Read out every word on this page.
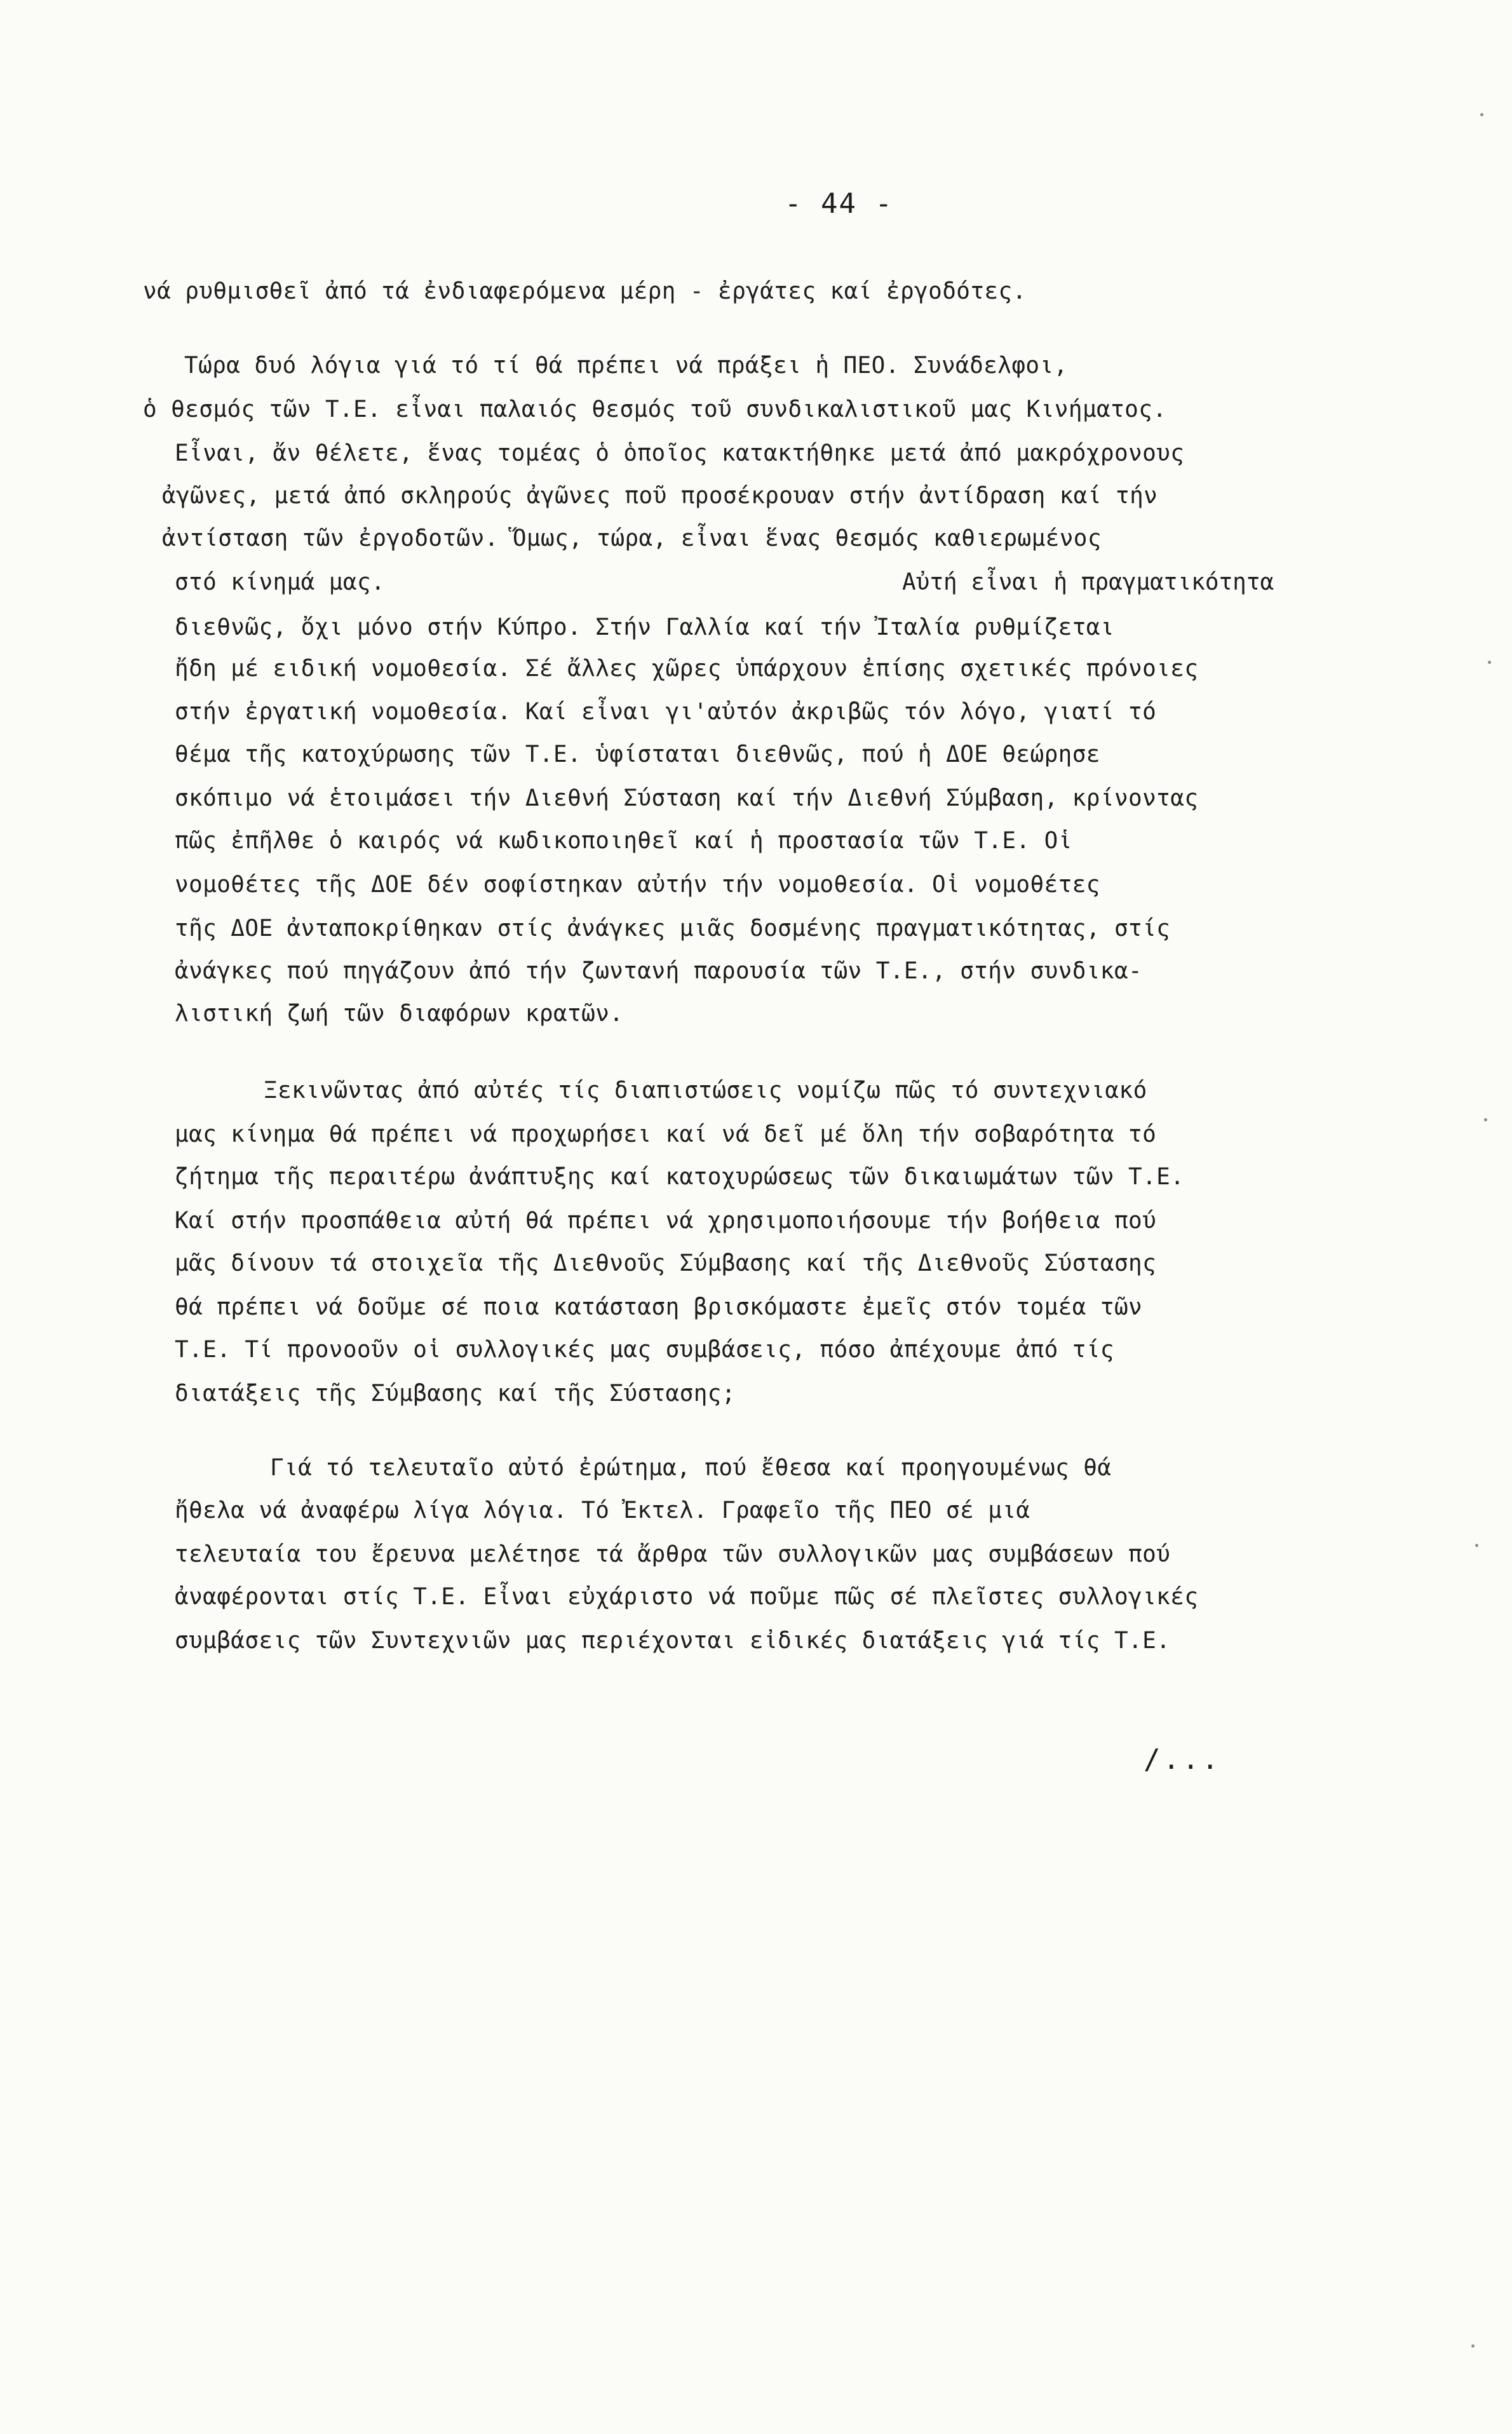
- 44 -
νά ρυθμισθεῖ ἀπό τά ἐνδιαφερόμενα μέρη - ἐργάτες καί ἐργοδότες.
Τώρα δυό λόγια γιά τό τί θά πρέπει νά πράξει ἡ ΠΕΟ. Συνάδελφοι,
ὁ θεσμός τῶν Τ.Ε. εἶναι παλαιός θεσμός τοῦ συνδικαλιστικοῦ μας Κινήματος.
Εἶναι, ἄν θέλετε, ἕνας τομέας ὁ ὁποῖος κατακτήθηκε μετά ἀπό μακρόχρονους
ἀγῶνες, μετά ἀπό σκληρούς ἀγῶνες ποῦ προσέκρουαν στήν ἀντίδραση καί τήν
ἀντίσταση τῶν ἐργοδοτῶν. Ὅμως, τώρα, εἶναι ἕνας θεσμός καθιερωμένος
στό κίνημά μας.	Αὐτή εἶναι ἡ πραγματικότητα
διεθνῶς, ὄχι μόνο στήν Κύπρο. Στήν Γαλλία καί τήν Ἰταλία ρυθμίζεται
ἤδη μέ ειδική νομοθεσία. Σέ ἄλλες χῶρες ὑπάρχουν ἐπίσης σχετικές πρόνοιες
στήν ἐργατική νομοθεσία. Καί εἶναι γι'αὐτόν ἀκριβῶς τόν λόγο, γιατί τό
θέμα τῆς κατοχύρωσης τῶν Τ.Ε. ὑφίσταται διεθνῶς, πού ἡ ΔΟΕ θεώρησε
σκόπιμο νά ἑτοιμάσει τήν Διεθνή Σύσταση καί τήν Διεθνή Σύμβαση, κρίνοντας
πῶς ἐπῆλθε ὁ καιρός νά κωδικοποιηθεῖ καί ἡ προστασία τῶν Τ.Ε. Οἱ
νομοθέτες τῆς ΔΟΕ δέν σοφίστηκαν αὐτήν τήν νομοθεσία. Οἱ νομοθέτες
τῆς ΔΟΕ ἀνταποκρίθηκαν στίς ἀνάγκες μιᾶς δοσμένης πραγματικότητας, στίς
ἀνάγκες πού πηγάζουν ἀπό τήν ζωντανή παρουσία τῶν Τ.Ε., στήν συνδικα-
λιστική ζωή τῶν διαφόρων κρατῶν.
Ξεκινῶντας ἀπό αὐτές τίς διαπιστώσεις νομίζω πῶς τό συντεχνιακό
μας κίνημα θά πρέπει νά προχωρήσει καί νά δεῖ μέ ὅλη τήν σοβαρότητα τό
ζήτημα τῆς περαιτέρω ἀνάπτυξης καί κατοχυρώσεως τῶν δικαιωμάτων τῶν Τ.Ε.
Καί στήν προσπάθεια αὐτή θά πρέπει νά χρησιμοποιήσουμε τήν βοήθεια πού
μᾶς δίνουν τά στοιχεῖα τῆς Διεθνοῦς Σύμβασης καί τῆς Διεθνοῦς Σύστασης
θά πρέπει νά δοῦμε σέ ποια κατάσταση βρισκόμαστε ἐμεῖς στόν τομέα τῶν
Τ.Ε. Τί προνοοῦν οἱ συλλογικές μας συμβάσεις, πόσο ἀπέχουμε ἀπό τίς
διατάξεις τῆς Σύμβασης καί τῆς Σύστασης;
Γιά τό τελευταῖο αὐτό ἐρώτημα, πού ἔθεσα καί προηγουμένως θά
ἤθελα νά ἀναφέρω λίγα λόγια. Τό Ἐκτελ. Γραφεῖο τῆς ΠΕΟ σέ μιά
τελευταία του ἔρευνα μελέτησε τά ἄρθρα τῶν συλλογικῶν μας συμβάσεων πού
ἀναφέρονται στίς Τ.Ε. Εἶναι εὐχάριστο νά ποῦμε πῶς σέ πλεῖστες συλλογικές
συμβάσεις τῶν Συντεχνιῶν μας περιέχονται εἰδικές διατάξεις γιά τίς Τ.Ε.
/...
